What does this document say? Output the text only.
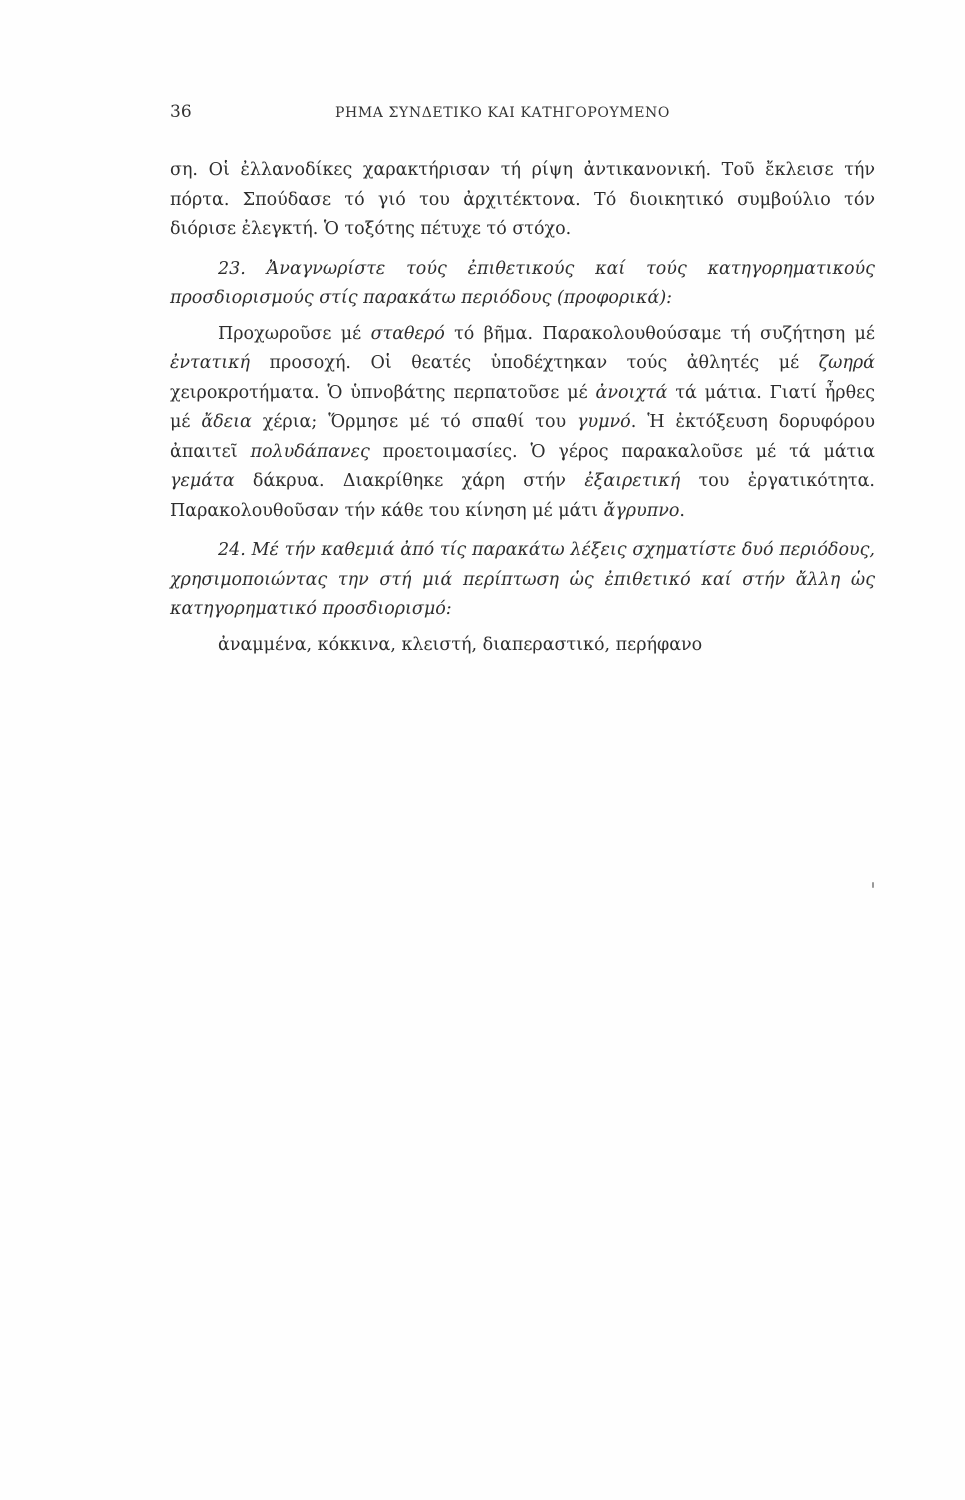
36	ΡΗΜΑ ΣΥΝΔΕΤΙΚΟ ΚΑΙ ΚΑΤΗΓΟΡΟΥΜΕΝΟ

ση. Οἱ ἐλλανοδίκες χαρακτήρισαν τή ρίψη ἀντικανονική. Τοῦ ἔκλεισε τήν πόρτα. Σπούδασε τό γιό του ἀρχιτέκτονα. Τό διοικητικό συμβούλιο τόν διόρισε ἐλεγκτή. Ὁ τοξότης πέτυχε τό στόχο.

23. Ἀναγνωρίστε τούς ἐπιθετικούς καί τούς κατηγορηματικούς προσδιορισμούς στίς παρακάτω περιόδους (προφορικά):

Προχωροῦσε μέ σταθερό τό βῆμα. Παρακολουθούσαμε τή συζήτηση μέ ἐντατική προσοχή. Οἱ θεατές ὑποδέχτηκαν τούς ἀθλητές μέ ζωηρά χειροκροτήματα. Ὁ ὑπνοβάτης περπατοῦσε μέ ἀνοιχτά τά μάτια. Γιατί ἦρθες μέ ἄδεια χέρια; Ὅρμησε μέ τό σπαθί του γυμνό. Ἡ ἐκτόξευση δορυφόρου ἀπαιτεῖ πολυδάπανες προετοιμασίες. Ὁ γέρος παρακαλοῦσε μέ τά μάτια γεμάτα δάκρυα. Διακρίθηκε χάρη στήν ἐξαιρετική του ἐργατικότητα. Παρακολουθοῦσαν τήν κάθε του κίνηση μέ μάτι ἄγρυπνο.

24. Μέ τήν καθεμιά ἀπό τίς παρακάτω λέξεις σχηματίστε δυό περιόδους, χρησιμοποιώντας την στή μιά περίπτωση ὡς ἐπιθετικό καί στήν ἄλλη ὡς κατηγορηματικό προσδιορισμό:

ἀναμμένα, κόκκινα, κλειστή, διαπεραστικό, περήφανο
